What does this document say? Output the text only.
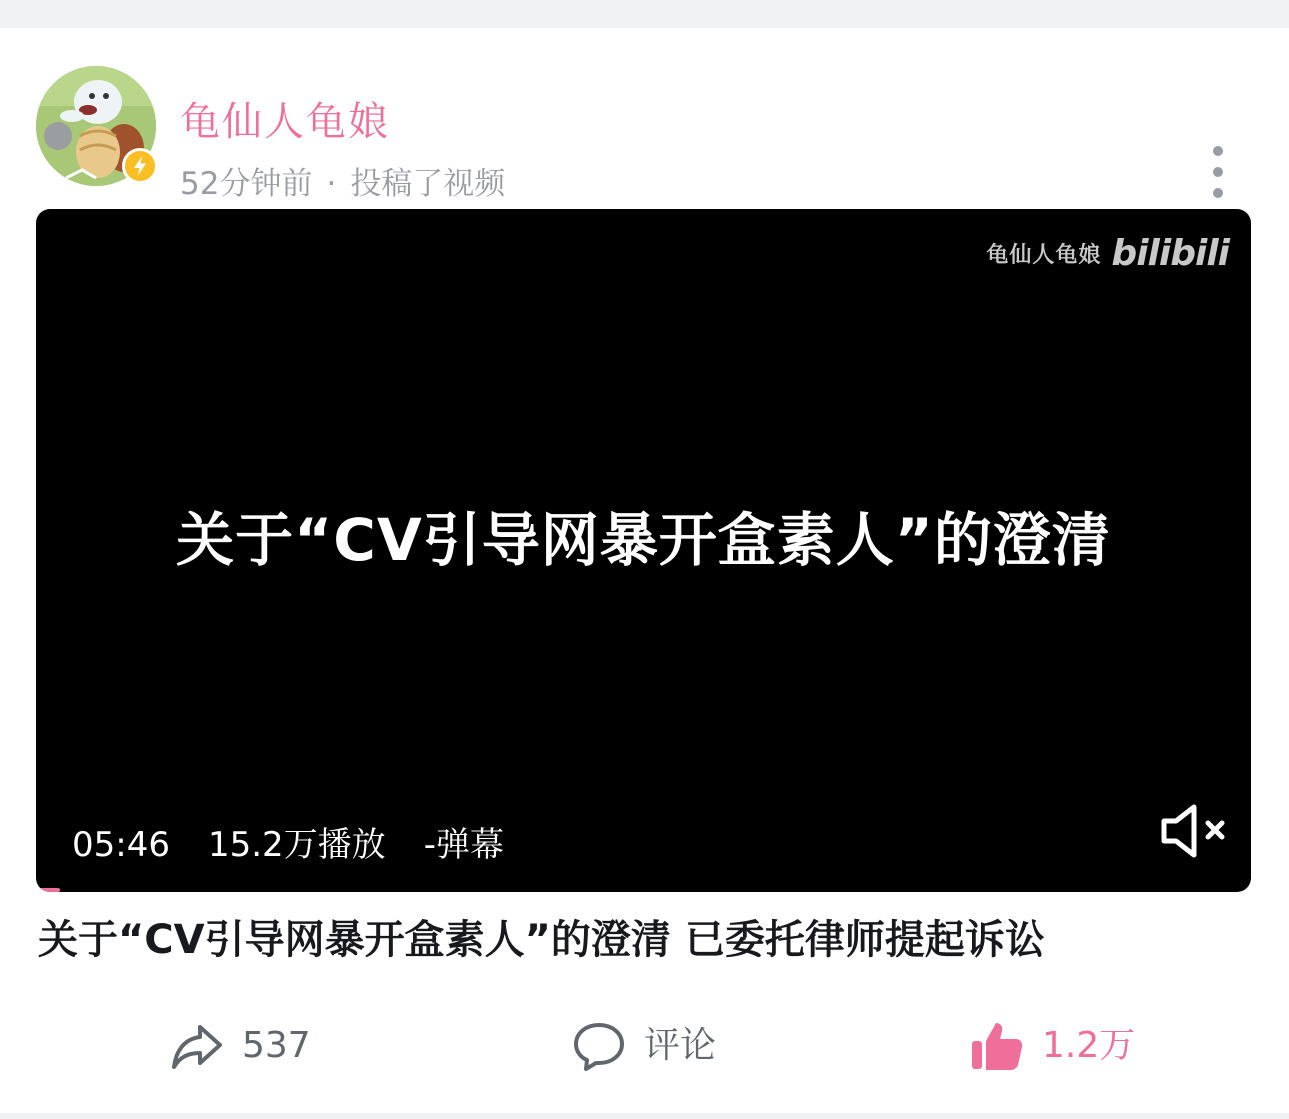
龟仙人龟娘
52分钟前 · 投稿了视频
龟仙人龟娘 bilibili
关于“CV引导网暴开盒素人”的澄清
05:46 15.2万播放 -弹幕
关于“CV引导网暴开盒素人”的澄清 已委托律师提起诉讼
537	评论	1.2万
